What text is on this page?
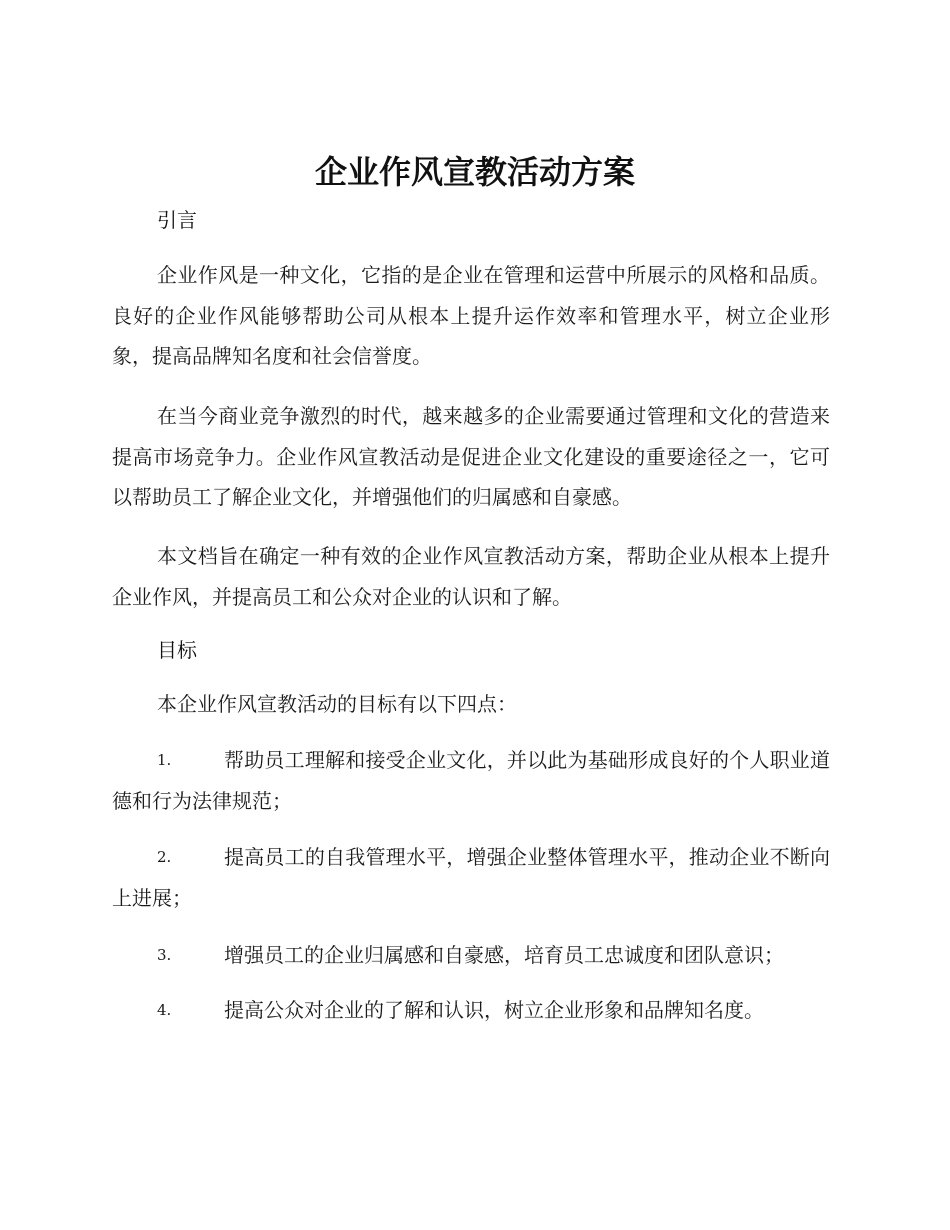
企业作风宣教活动方案
引言

企业作风是一种文化，它指的是企业在管理和运营中所展示的风格和品质。良好的企业作风能够帮助公司从根本上提升运作效率和管理水平，树立企业形象，提高品牌知名度和社会信誉度。

在当今商业竞争激烈的时代，越来越多的企业需要通过管理和文化的营造来提高市场竞争力。企业作风宣教活动是促进企业文化建设的重要途径之一，它可以帮助员工了解企业文化，并增强他们的归属感和自豪感。

本文档旨在确定一种有效的企业作风宣教活动方案，帮助企业从根本上提升企业作风，并提高员工和公众对企业的认识和了解。

目标
本企业作风宣教活动的目标有以下四点：
1.	帮助员工理解和接受企业文化，并以此为基础形成良好的个人职业道德和行为法律规范；

2.	提高员工的自我管理水平，增强企业整体管理水平，推动企业不断向上进展；

3.	增强员工的企业归属感和自豪感，培育员工忠诚度和团队意识；

4.	提高公众对企业的了解和认识，树立企业形象和品牌知名度。
